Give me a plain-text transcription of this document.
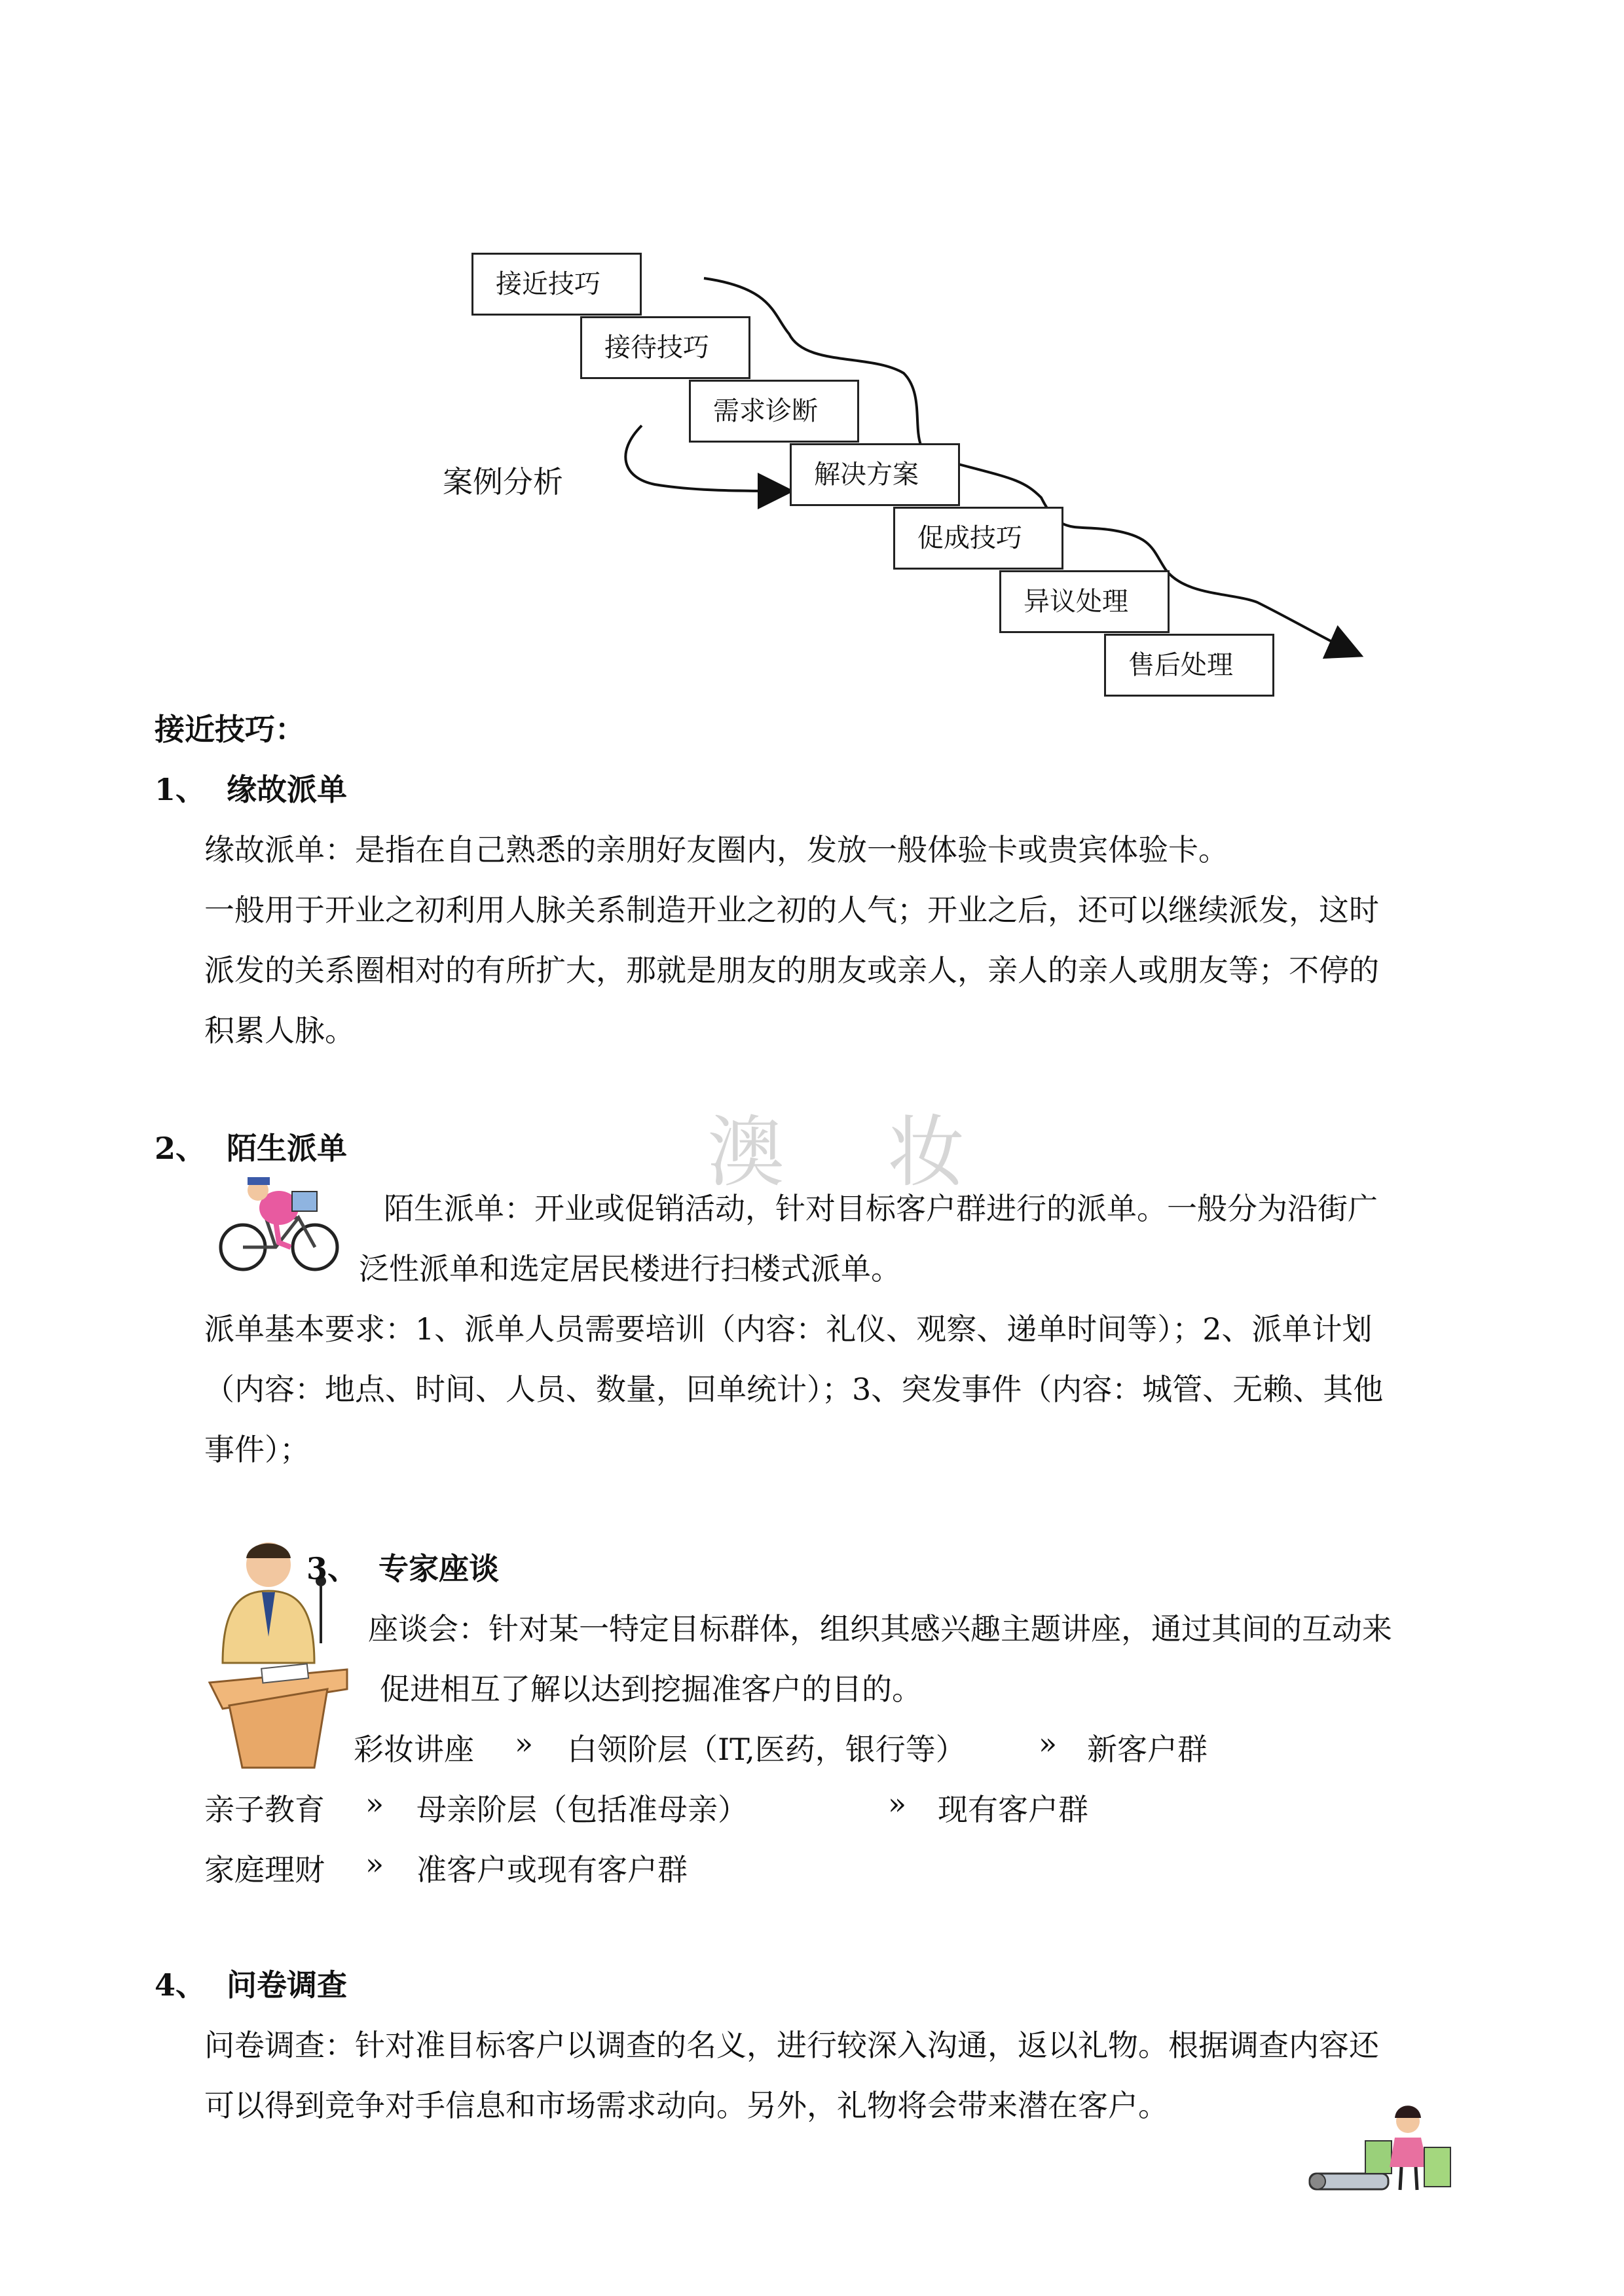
接近技巧
接待技巧
需求诊断
解决方案
促成技巧
异议处理
售后处理
案例分析
澳 妆
接近技巧：
1、 缘故派单
缘故派单：是指在自己熟悉的亲朋好友圈内，发放一般体验卡或贵宾体验卡。
一般用于开业之初利用人脉关系制造开业之初的人气；开业之后，还可以继续派发，这时
派发的关系圈相对的有所扩大，那就是朋友的朋友或亲人，亲人的亲人或朋友等；不停的
积累人脉。
2、 陌生派单
陌生派单：开业或促销活动，针对目标客户群进行的派单。一般分为沿街广
泛性派单和选定居民楼进行扫楼式派单。
派单基本要求：1、派单人员需要培训（内容：礼仪、观察、递单时间等）；2、派单计划
（内容：地点、时间、人员、数量，回单统计）；3、突发事件（内容：城管、无赖、其他
事件）；
3、 专家座谈
座谈会：针对某一特定目标群体，组织其感兴趣主题讲座，通过其间的互动来
促进相互了解以达到挖掘准客户的目的。
彩妆讲座 » 白领阶层（IT,医药，银行等） » 新客户群
亲子教育 » 母亲阶层（包括准母亲）	» 现有客户群
家庭理财 » 准客户或现有客户群
4、 问卷调查
问卷调查：针对准目标客户以调查的名义，进行较深入沟通，返以礼物。根据调查内容还
可以得到竞争对手信息和市场需求动向。另外，礼物将会带来潜在客户。
